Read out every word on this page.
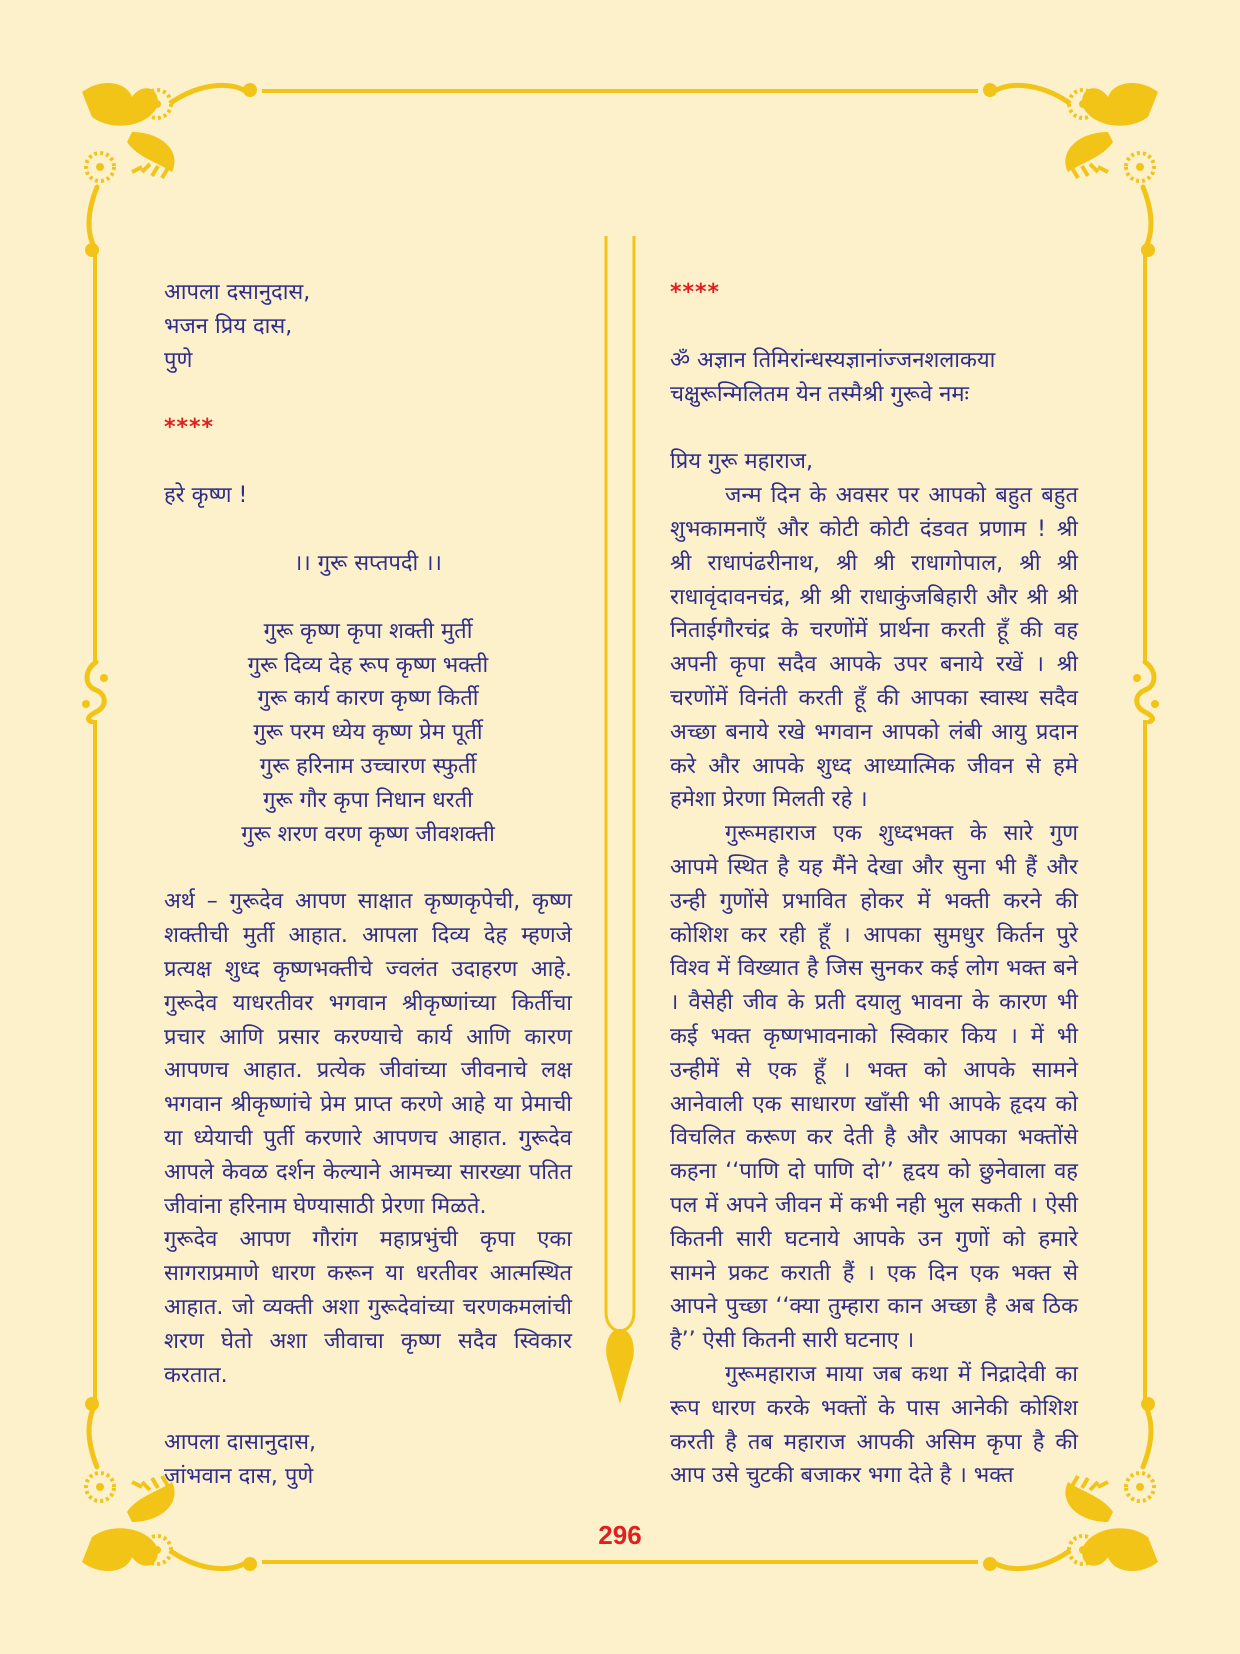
आपला दसानुदास,

भजन प्रिय दास,

पुणे

****

हरे कृष्ण !

।। गुरू सप्तपदी ।।

गुरू कृष्ण कृपा शक्ती मुर्ती

गुरू दिव्य देह रूप कृष्ण भक्ती

गुरू कार्य कारण कृष्ण किर्ती

गुरू परम ध्येय कृष्ण प्रेम पूर्ती

गुरू हरिनाम उच्चारण स्फुर्ती

गुरू गौर कृपा निधान धरती

गुरू शरण वरण कृष्ण जीवशक्ती

अर्थ – गुरूदेव आपण साक्षात कृष्णकृपेची, कृष्ण शक्तीची मुर्ती आहात. आपला दिव्य देह म्हणजे प्रत्यक्ष शुध्द कृष्णभक्तीचे ज्वलंत उदाहरण आहे. गुरूदेव याधरतीवर भगवान श्रीकृष्णांच्या किर्तीचा प्रचार आणि प्रसार करण्याचे कार्य आणि कारण आपणच आहात. प्रत्येक जीवांच्या जीवनाचे लक्ष भगवान श्रीकृष्णांचे प्रेम प्राप्त करणे आहे या प्रेमाची या ध्येयाची पुर्ती करणारे आपणच आहात. गुरूदेव आपले केवळ दर्शन केल्याने आमच्या सारख्या पतित जीवांना हरिनाम घेण्यासाठी प्रेरणा मिळते.

गुरूदेव आपण गौरांग महाप्रभुंची कृपा एका सागराप्रमाणे धारण करून या धरतीवर आत्मस्थित आहात. जो व्यक्ती अशा गुरूदेवांच्या चरणकमलांची शरण घेतो अशा जीवाचा कृष्ण सदैव स्विकार करतात.

आपला दासानुदास,

जांभवान दास, पुणे

****

ॐ अज्ञान तिमिरांन्धस्यज्ञानांज्जनशलाकया

चक्षुरून्मिलितम येन तस्मैश्री गुरूवे नमः

प्रिय गुरू महाराज,

जन्म दिन के अवसर पर आपको बहुत बहुत शुभकामनाएँ और कोटी कोटी दंडवत प्रणाम ! श्री श्री राधापंढरीनाथ, श्री श्री राधागोपाल, श्री श्री राधावृंदावनचंद्र, श्री श्री राधाकुंजबिहारी और श्री श्री निताईगौरचंद्र के चरणोंमें प्रार्थना करती हूँ की वह अपनी कृपा सदैव आपके उपर बनाये रखें । श्री चरणोंमें विनंती करती हूँ की आपका स्वास्थ सदैव अच्छा बनाये रखे भगवान आपको लंबी आयु प्रदान करे और आपके शुध्द आध्यात्मिक जीवन से हमे हमेशा प्रेरणा मिलती रहे ।

गुरूमहाराज एक शुध्दभक्त के सारे गुण आपमे स्थित है यह मैंने देखा और सुना भी हैं और उन्ही गुणोंसे प्रभावित होकर में भक्ती करने की कोशिश कर रही हूँ । आपका सुमधुर किर्तन पुरे विश्व में विख्यात है जिस सुनकर कई लोग भक्त बने । वैसेही जीव के प्रती दयालु भावना के कारण भी कई भक्त कृष्णभावनाको स्विकार किय । में भी उन्हीमें से एक हूँ । भक्त को आपके सामने आनेवाली एक साधारण खाँसी भी आपके हृदय को विचलित करूण कर देती है और आपका भक्तोंसे कहना ‘‘पाणि दो पाणि दो’’ हृदय को छुनेवाला वह पल में अपने जीवन में कभी नही भुल सकती । ऐसी कितनी सारी घटनाये आपके उन गुणों को हमारे सामने प्रकट कराती हैं । एक दिन एक भक्त से आपने पुच्छा ‘‘क्या तुम्हारा कान अच्छा है अब ठिक है’’ ऐसी कितनी सारी घटनाए ।

गुरूमहाराज माया जब कथा में निद्रादेवी का रूप धारण करके भक्तों के पास आनेकी कोशिश करती है तब महाराज आपकी असिम कृपा है की आप उसे चुटकी बजाकर भगा देते है । भक्त

296
